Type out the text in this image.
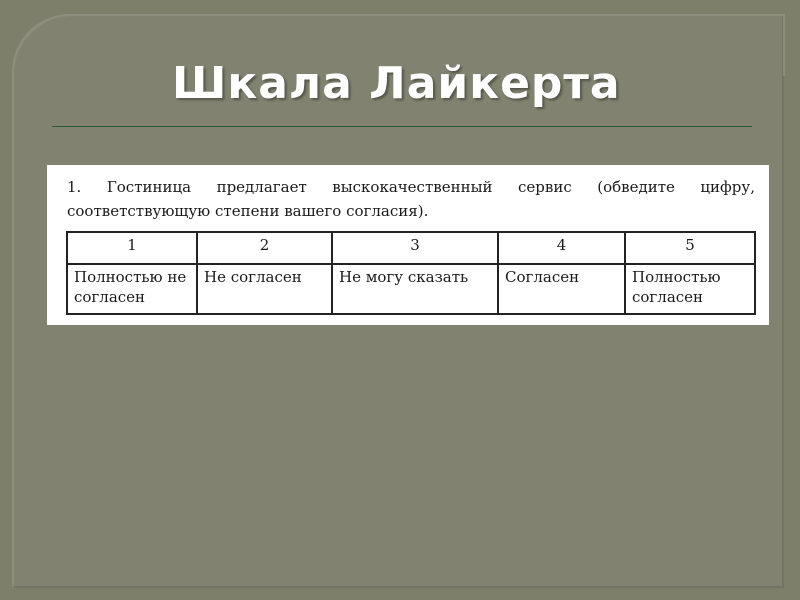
Шкала Лайкерта
1. Гостиница предлагает выскокачественный сервис (обведите цифру, соответствующую степени вашего согласия).
1	2	3	4	5
Полностью не согласен	Не согласен	Не могу сказать	Согласен	Полностью согласен
